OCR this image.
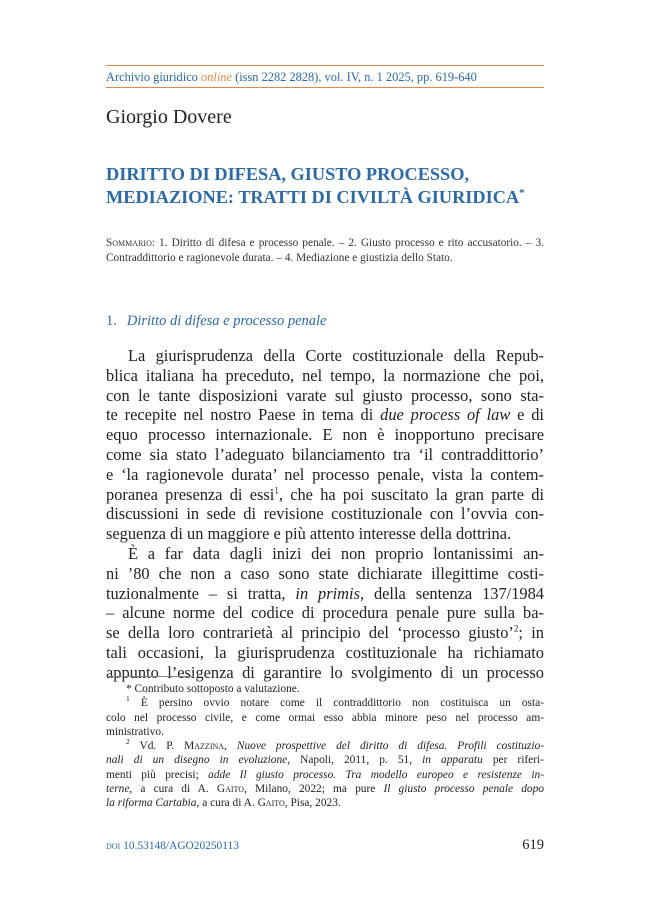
Archivio giuridico online (issn 2282 2828), vol. IV, n. 1 2025, pp. 619-640
Giorgio Dovere
DIRITTO DI DIFESA, GIUSTO PROCESSO,
MEDIAZIONE: TRATTI DI CIVILTÀ GIURIDICA*
Sommario: 1. Diritto di difesa e processo penale. – 2. Giusto processo e rito accusatorio. – 3. Contraddittorio e ragionevole durata. – 4. Mediazione e giustizia dello Stato.
1. Diritto di difesa e processo penale
La giurisprudenza della Corte costituzionale della Repub-
blica italiana ha preceduto, nel tempo, la normazione che poi,
con le tante disposizioni varate sul giusto processo, sono sta-
te recepite nel nostro Paese in tema di due process of law e di
equo processo internazionale. E non è inopportuno precisare
come sia stato l’adeguato bilanciamento tra ‘il contraddittorio’
e ‘la ragionevole durata’ nel processo penale, vista la contem-
poranea presenza di essi$^1$, che ha poi suscitato la gran parte di
discussioni in sede di revisione costituzionale con l’ovvia con-
seguenza di un maggiore e più attento interesse della dottrina.
È a far data dagli inizi dei non proprio lontanissimi an-
ni ’80 che non a caso sono state dichiarate illegittime costi-
tuzionalmente – si tratta, in primis, della sentenza 137/1984
– alcune norme del codice di procedura penale pure sulla ba-
se della loro contrarietà al principio del ‘processo giusto’$^2$; in
tali occasioni, la giurisprudenza costituzionale ha richiamato
appunto l’esigenza di garantire lo svolgimento di un processo
* Contributo sottoposto a valutazione.
$^1$ È persino ovvio notare come il contraddittorio non costituisca un osta-
colo nel processo civile, e come ormai esso abbia minore peso nel processo am-
ministrativo.
$^2$ Vd. P. Mazzina, Nuove prospettive del diritto di difesa. Profili costituzio-
nali di un disegno in evoluzione, Napoli, 2011, p. 51, in apparatu per riferi-
menti più precisi; adde Il giusto processo. Tra modello europeo e resistenze in-
terne, a cura di A. Gaito, Milano, 2022; ma pure Il giusto processo penale dopo
la riforma Cartabia, a cura di A. Gaito, Pisa, 2023.
doi 10.53148/AGO20250113	619
